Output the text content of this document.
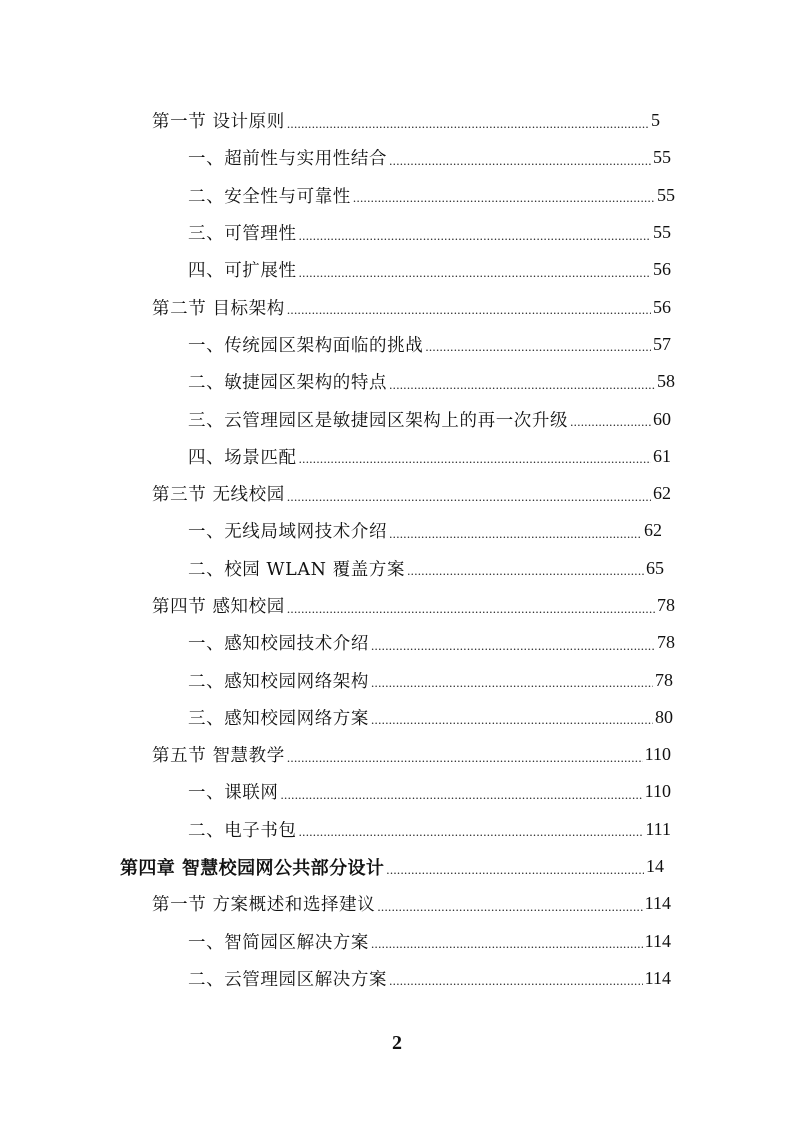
第一节 设计原则 .....	5
一、超前性与实用性结合 .....	55
二、安全性与可靠性 .....	55
三、可管理性 .....	55
四、可扩展性 .....	56
第二节 目标架构 .....	56
一、传统园区架构面临的挑战 .....	57
二、敏捷园区架构的特点 .....	58
三、云管理园区是敏捷园区架构上的再一次升级 .....	60
四、场景匹配 .....	61
第三节 无线校园 .....	62
一、无线局域网技术介绍 .....	62
二、校园 WLAN 覆盖方案 .....	65
第四节 感知校园 .....	78
一、感知校园技术介绍 .....	78
二、感知校园网络架构 .....	78
三、感知校园网络方案 .....	80
第五节 智慧教学 .....	110
一、课联网 .....	110
二、电子书包 .....	111
第四章 智慧校园网公共部分设计 .....	14
第一节 方案概述和选择建议 .....	114
一、智简园区解决方案 .....	114
二、云管理园区解决方案 .....	114
2
